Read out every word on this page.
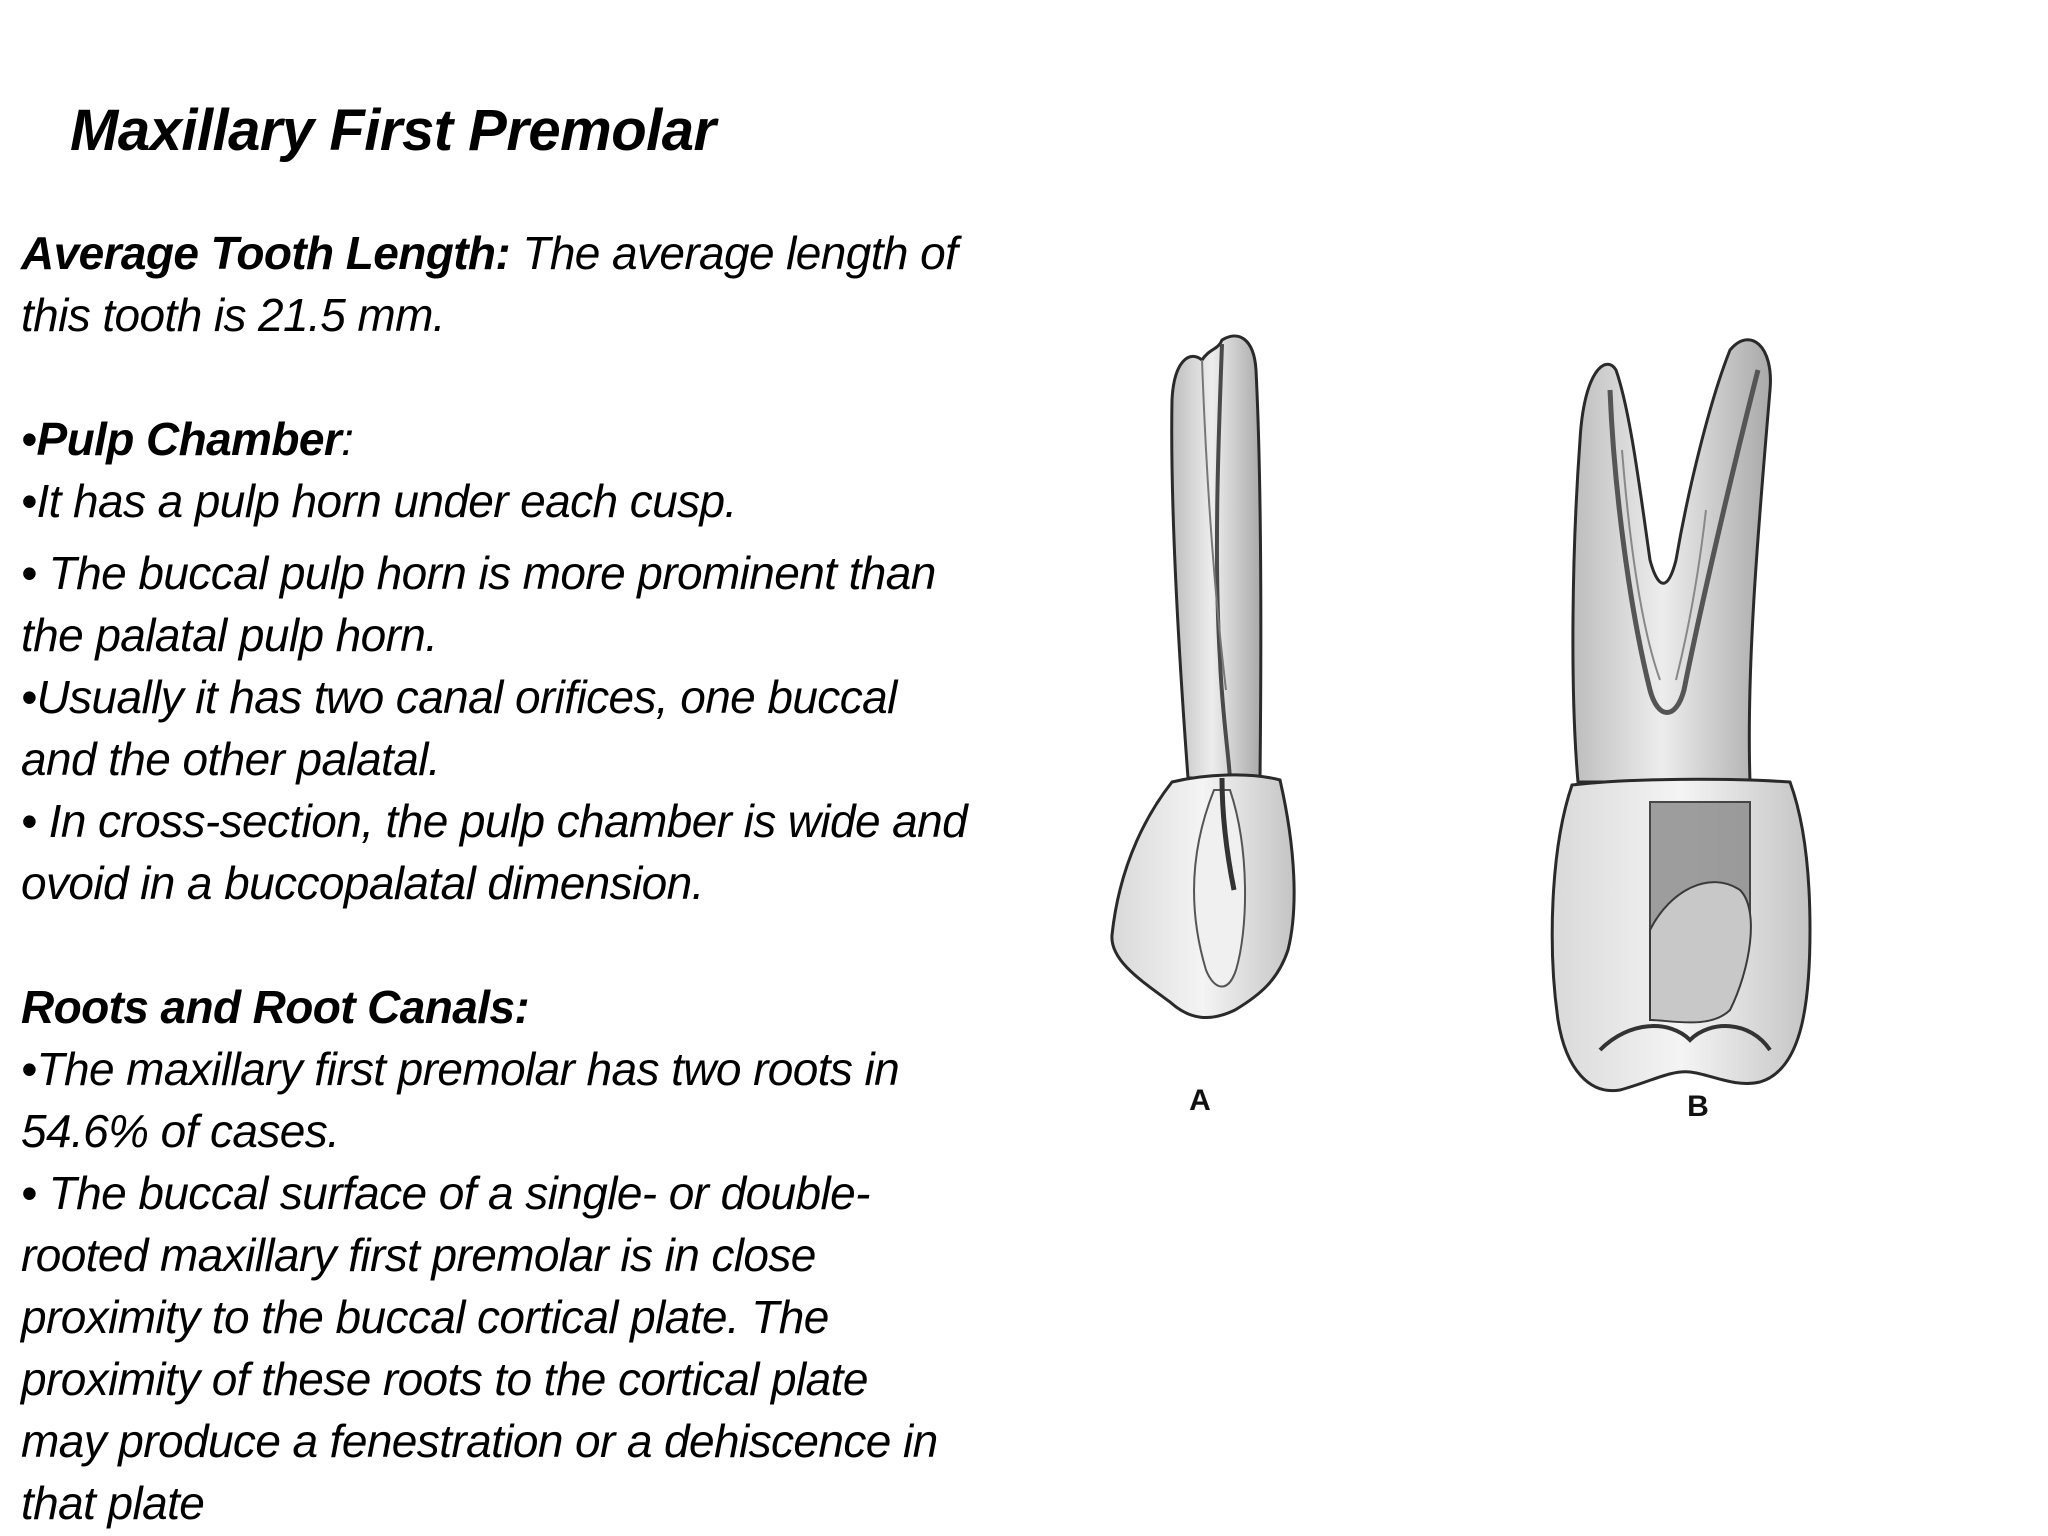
Maxillary First Premolar
Average Tooth Length: The average length of
this tooth is 21.5 mm.
•Pulp Chamber:
•It has a pulp horn under each cusp.
• The buccal pulp horn is more prominent than
the palatal pulp horn.
•Usually it has two canal orifices, one buccal
and the other palatal.
• In cross-section, the pulp chamber is wide and
ovoid in a buccopalatal dimension.
Roots and Root Canals:
•The maxillary first premolar has two roots in
54.6% of cases.
• The buccal surface of a single- or double-
rooted maxillary first premolar is in close
proximity to the buccal cortical plate. The
proximity of these roots to the cortical plate
may produce a fenestration or a dehiscence in
that plate
A	B
